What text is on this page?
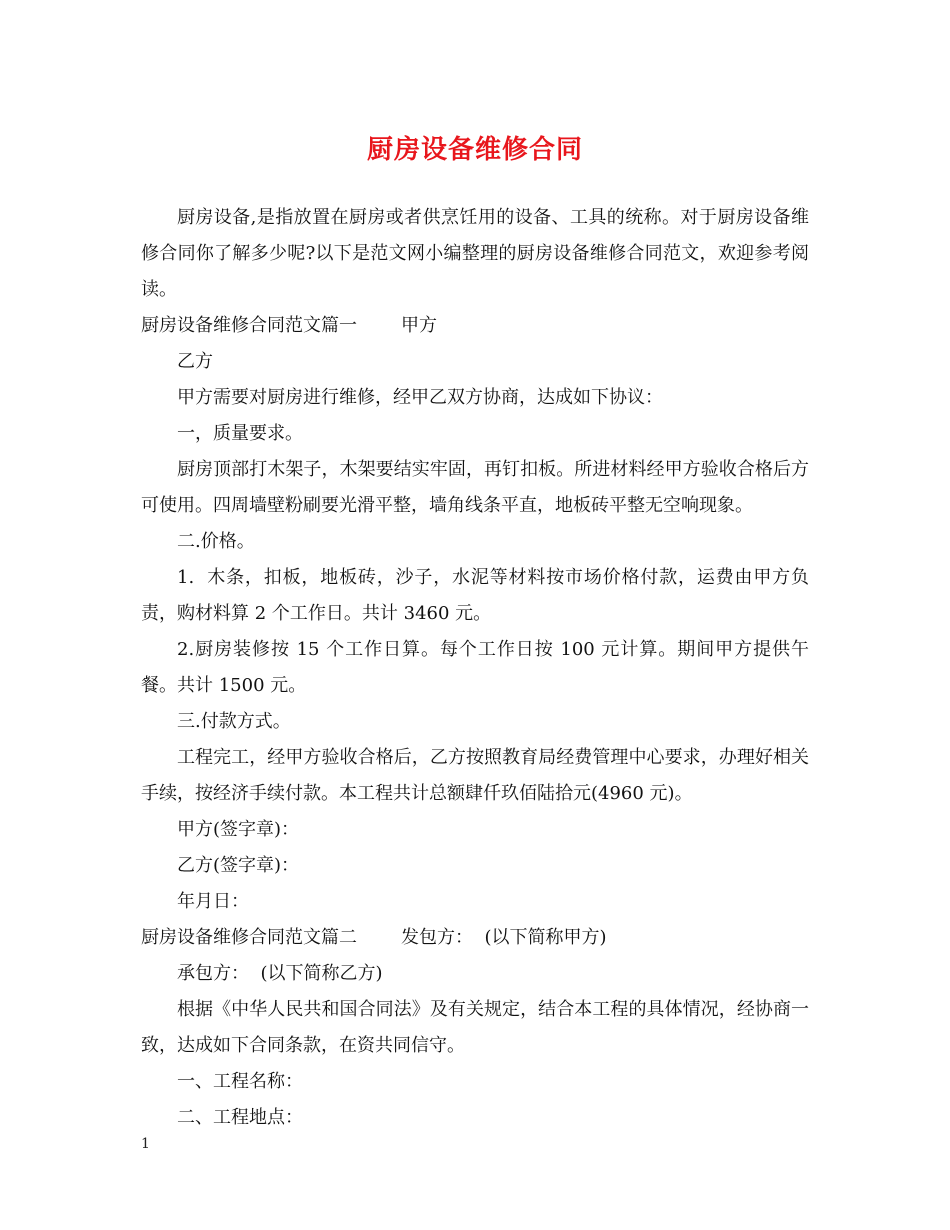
厨房设备维修合同

厨房设备,是指放置在厨房或者供烹饪用的设备、工具的统称。对于厨房设备维修合同你了解多少呢?以下是范文网小编整理的厨房设备维修合同范文，欢迎参考阅读。

厨房设备维修合同范文篇一 甲方

乙方

甲方需要对厨房进行维修，经甲乙双方协商，达成如下协议：

一，质量要求。

厨房顶部打木架子，木架要结实牢固，再钉扣板。所进材料经甲方验收合格后方可使用。四周墙壁粉刷要光滑平整，墙角线条平直，地板砖平整无空响现象。

二.价格。

1.  木条，扣板，地板砖，沙子，水泥等材料按市场价格付款，运费由甲方负责，购材料算 2 个工作日。共计 3460 元。

2.厨房装修按 15 个工作日算。每个工作日按 100 元计算。期间甲方提供午餐。共计 1500 元。

三.付款方式。

工程完工，经甲方验收合格后，乙方按照教育局经费管理中心要求，办理好相关手续，按经济手续付款。本工程共计总额肆仟玖佰陆拾元(4960 元)。

甲方(签字章)：

乙方(签字章)：

年月日：

厨房设备维修合同范文篇二 发包方：  (以下简称甲方)

承包方：  (以下简称乙方)

根据《中华人民共和国合同法》及有关规定，结合本工程的具体情况，经协商一致，达成如下合同条款，在资共同信守。

一、工程名称：

二、工程地点：

1
